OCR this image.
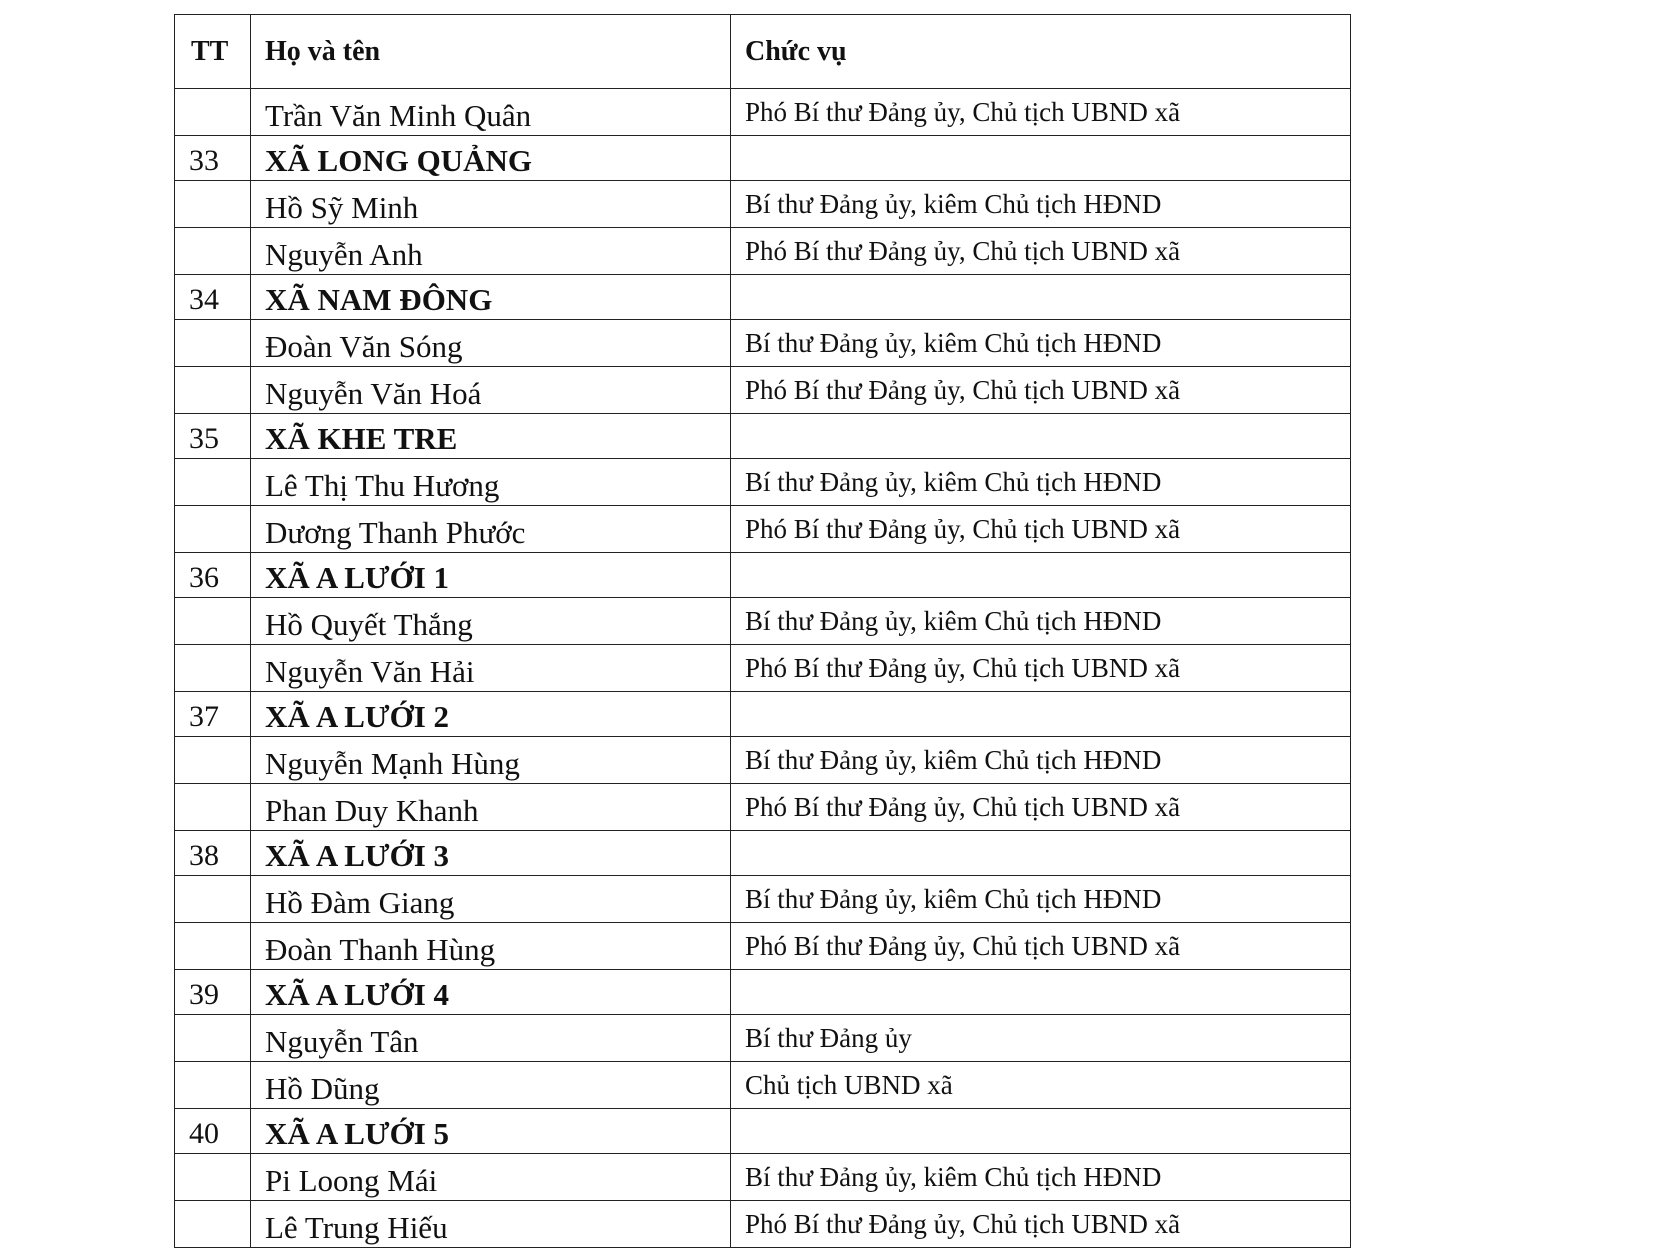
TT	Họ và tên	Chức vụ
	Trần Văn Minh Quân	Phó Bí thư Đảng ủy, Chủ tịch UBND xã
33	XÃ LONG QUẢNG	
	Hồ Sỹ Minh	Bí thư Đảng ủy, kiêm Chủ tịch HĐND
	Nguyễn Anh	Phó Bí thư Đảng ủy, Chủ tịch UBND xã
34	XÃ NAM ĐÔNG	
	Đoàn Văn Sóng	Bí thư Đảng ủy, kiêm Chủ tịch HĐND
	Nguyễn Văn Hoá	Phó Bí thư Đảng ủy, Chủ tịch UBND xã
35	XÃ KHE TRE	
	Lê Thị Thu Hương	Bí thư Đảng ủy, kiêm Chủ tịch HĐND
	Dương Thanh Phước	Phó Bí thư Đảng ủy, Chủ tịch UBND xã
36	XÃ A LƯỚI 1	
	Hồ Quyết Thắng	Bí thư Đảng ủy, kiêm Chủ tịch HĐND
	Nguyễn Văn Hải	Phó Bí thư Đảng ủy, Chủ tịch UBND xã
37	XÃ A LƯỚI 2	
	Nguyễn Mạnh Hùng	Bí thư Đảng ủy, kiêm Chủ tịch HĐND
	Phan Duy Khanh	Phó Bí thư Đảng ủy, Chủ tịch UBND xã
38	XÃ A LƯỚI 3	
	Hồ Đàm Giang	Bí thư Đảng ủy, kiêm Chủ tịch HĐND
	Đoàn Thanh Hùng	Phó Bí thư Đảng ủy, Chủ tịch UBND xã
39	XÃ A LƯỚI 4	
	Nguyễn Tân	Bí thư Đảng ủy
	Hồ Dũng	Chủ tịch UBND xã
40	XÃ A LƯỚI 5	
	Pi Loong Mái	Bí thư Đảng ủy, kiêm Chủ tịch HĐND
	Lê Trung Hiếu	Phó Bí thư Đảng ủy, Chủ tịch UBND xã
